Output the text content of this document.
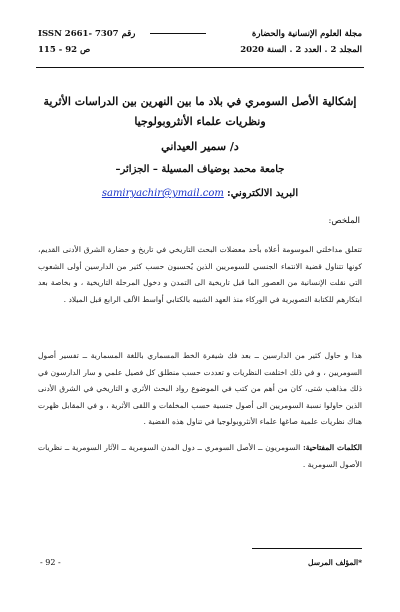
مجلة العلوم الإنسانية والحضارة
المجلد 2 . العدد 2 . السنة 2020
ISSN 2661- 7307 رقم
ص 92 - 115
إشكالية الأصل السومري في بلاد ما بين النهرين بين الدراسات الأثرية ونظريات علماء الأنثروبولوجيا
د/ سمير العيداني
جامعة محمد بوضياف المسيلة – الجزائر–
البريد الالكتروني: samiryachir@ymail.com
الملخص:
تتعلق مداخلتي الموسومة أعلاه بأحد معضلات البحث التاريخي في تاريخ و حضارة الشرق الأدنى القديم، كونها تتناول قضية الانتماء الجنسي للسومريين الذين يُحسبون حسب كثير من الدارسين أولى الشعوب التي نقلت الإنسانية من العصور الما قبل تاريخية الى التمدن و دخول المرحلة التاريخية ، و بخاصة بعد ابتكارهم للكتابة التصويرية في الوركاء منذ العهد الشبيه بالكتابي أواسط الألف الرابع قبل الميلاد .
هذا و حاول كثير من الدارسين ــ بعد فك شيفرة الخط المسماري باللغة المسمارية ــ تفسير أصول السومريين ، و في ذلك اختلفت النظريات و تعددت حسب منطلق كل فصيل علمي و سار الدارسون في ذلك مذاهب شتى، كان من أهم من كتب في الموضوع رواد البحث الأثري و التاريخي في الشرق الأدنى الذين حاولوا نسبة السومريين الى أصول جنسية حسب المخلفات و اللقى الأثرية ، و في المقابل ظهرت هناك نظريات علمية صاغها علماء الأنثروبولوجيا في تناول هذه القضية .
الكلمات المفتاحية: السومريون ــ الأصل السومري ــ دول المدن السومرية ــ الآثار السومرية ــ نظريات الأصول السومرية .
*المؤلف المرسل
- 92 -
